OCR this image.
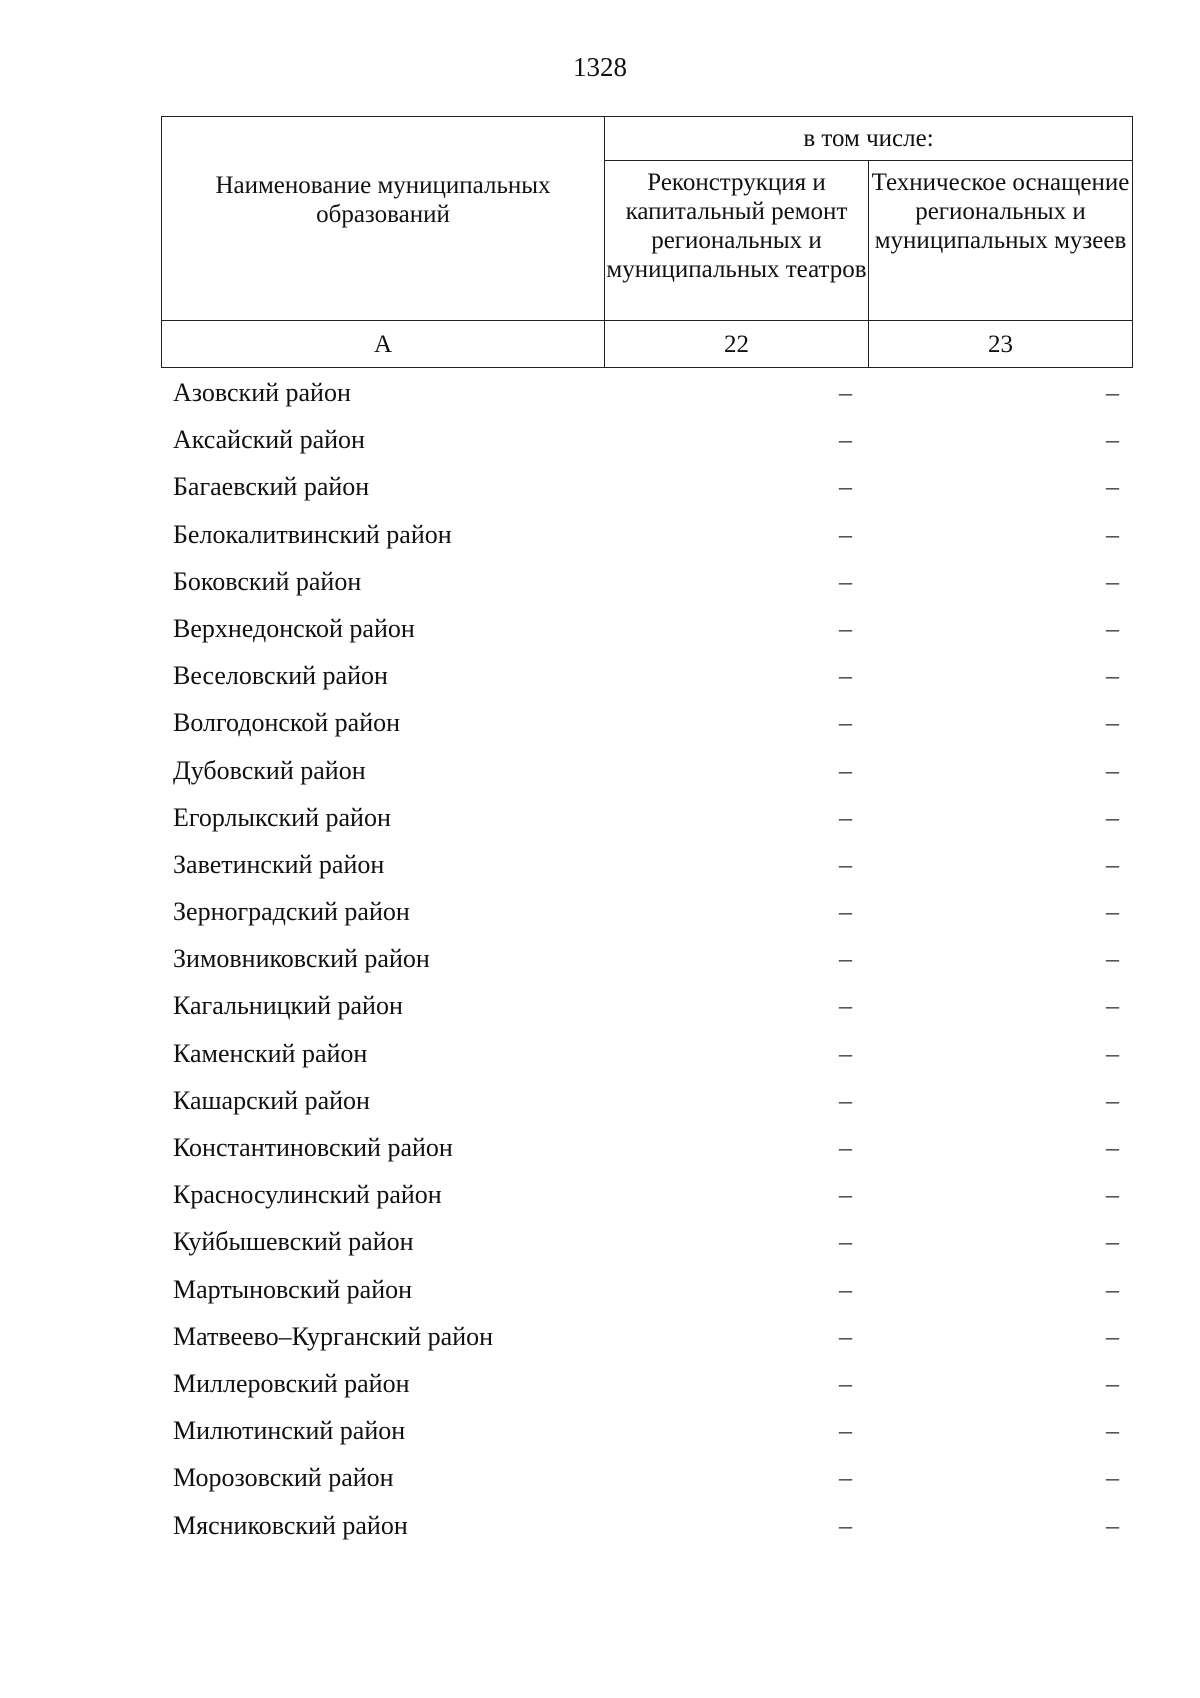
1328
Наименование муниципальных образований	в том числе:	
	Реконструкция и капитальный ремонт региональных и муниципальных театров	Техническое оснащение региональных и муниципальных музеев
А	22	23
Азовский район	–	–
Аксайский район	–	–
Багаевский район	–	–
Белокалитвинский район	–	–
Боковский район	–	–
Верхнедонской район	–	–
Веселовский район	–	–
Волгодонской район	–	–
Дубовский район	–	–
Егорлыкский район	–	–
Заветинский район	–	–
Зерноградский район	–	–
Зимовниковский район	–	–
Кагальницкий район	–	–
Каменский район	–	–
Кашарский район	–	–
Константиновский район	–	–
Красносулинский район	–	–
Куйбышевский район	–	–
Мартыновский район	–	–
Матвеево–Курганский район	–	–
Миллеровский район	–	–
Милютинский район	–	–
Морозовский район	–	–
Мясниковский район	–	–
